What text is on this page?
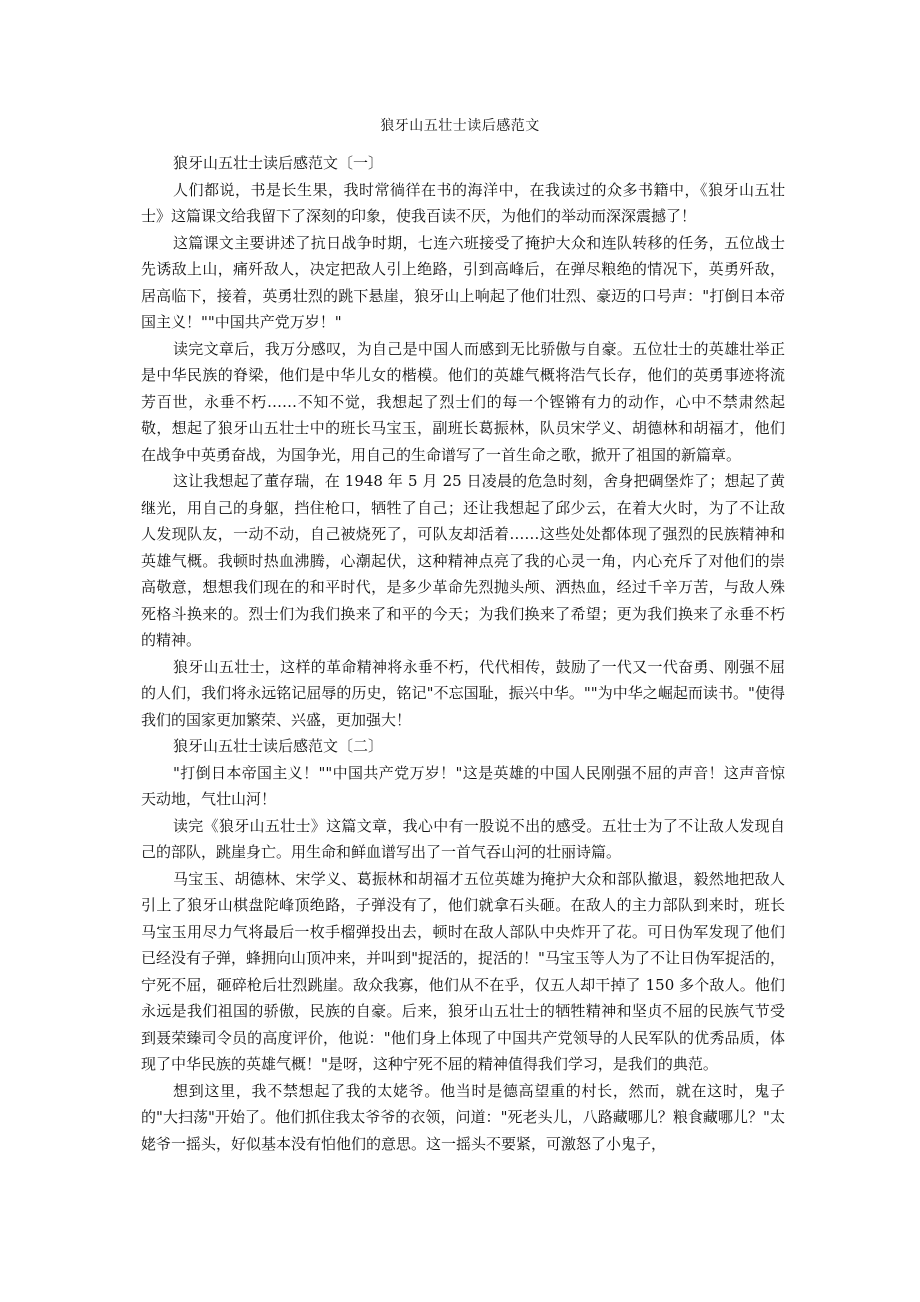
狼牙山五壮士读后感范文

狼牙山五壮士读后感范文〔一〕

人们都说，书是长生果，我时常徜徉在书的海洋中，在我读过的众多书籍中，《狼牙山五壮士》这篇课文给我留下了深刻的印象，使我百读不厌，为他们的举动而深深震撼了！

这篇课文主要讲述了抗日战争时期，七连六班接受了掩护大众和连队转移的任务，五位战士先诱敌上山，痛歼敌人，决定把敌人引上绝路，引到高峰后，在弹尽粮绝的情况下，英勇歼敌，居高临下，接着，英勇壮烈的跳下悬崖，狼牙山上响起了他们壮烈、豪迈的口号声："打倒日本帝国主义！""中国共产党万岁！"

读完文章后，我万分感叹，为自己是中国人而感到无比骄傲与自豪。五位壮士的英雄壮举正是中华民族的脊梁，他们是中华儿女的楷模。他们的英雄气概将浩气长存，他们的英勇事迹将流芳百世，永垂不朽……不知不觉，我想起了烈士们的每一个铿锵有力的动作，心中不禁肃然起敬，想起了狼牙山五壮士中的班长马宝玉，副班长葛振林，队员宋学义、胡德林和胡福才，他们在战争中英勇奋战，为国争光，用自己的生命谱写了一首生命之歌，掀开了祖国的新篇章。

这让我想起了董存瑞，在 1948 年 5 月 25 日凌晨的危急时刻，舍身把碉堡炸了；想起了黄继光，用自己的身躯，挡住枪口，牺牲了自己；还让我想起了邱少云，在着大火时，为了不让敌人发现队友，一动不动，自己被烧死了，可队友却活着……这些处处都体现了强烈的民族精神和英雄气概。我顿时热血沸腾，心潮起伏，这种精神点亮了我的心灵一角，内心充斥了对他们的崇高敬意，想想我们现在的和平时代，是多少革命先烈抛头颅、洒热血，经过千辛万苦，与敌人殊死格斗换来的。烈士们为我们换来了和平的今天；为我们换来了希望；更为我们换来了永垂不朽的精神。

狼牙山五壮士，这样的革命精神将永垂不朽，代代相传，鼓励了一代又一代奋勇、刚强不屈的人们，我们将永远铭记屈辱的历史，铭记"不忘国耻，振兴中华。""为中华之崛起而读书。"使得我们的国家更加繁荣、兴盛，更加强大！

狼牙山五壮士读后感范文〔二〕

"打倒日本帝国主义！""中国共产党万岁！"这是英雄的中国人民刚强不屈的声音！这声音惊天动地，气壮山河！

读完《狼牙山五壮士》这篇文章，我心中有一股说不出的感受。五壮士为了不让敌人发现自己的部队，跳崖身亡。用生命和鲜血谱写出了一首气吞山河的壮丽诗篇。

马宝玉、胡德林、宋学义、葛振林和胡福才五位英雄为掩护大众和部队撤退，毅然地把敌人引上了狼牙山棋盘陀峰顶绝路，子弹没有了，他们就拿石头砸。在敌人的主力部队到来时，班长马宝玉用尽力气将最后一枚手榴弹投出去，顿时在敌人部队中央炸开了花。可日伪军发现了他们已经没有子弹，蜂拥向山顶冲来，并叫到"捉活的，捉活的！"马宝玉等人为了不让日伪军捉活的，宁死不屈，砸碎枪后壮烈跳崖。敌众我寡，他们从不在乎，仅五人却干掉了 150 多个敌人。他们永远是我们祖国的骄傲，民族的自豪。后来，狼牙山五壮士的牺牲精神和坚贞不屈的民族气节受到聂荣臻司令员的高度评价，他说："他们身上体现了中国共产党领导的人民军队的优秀品质，体现了中华民族的英雄气概！"是呀，这种宁死不屈的精神值得我们学习，是我们的典范。

想到这里，我不禁想起了我的太姥爷。他当时是德高望重的村长，然而，就在这时，鬼子的"大扫荡"开始了。他们抓住我太爷爷的衣领，问道："死老头儿，八路藏哪儿？粮食藏哪儿？"太姥爷一摇头，好似基本没有怕他们的意思。这一摇头不要紧，可激怒了小鬼子，
